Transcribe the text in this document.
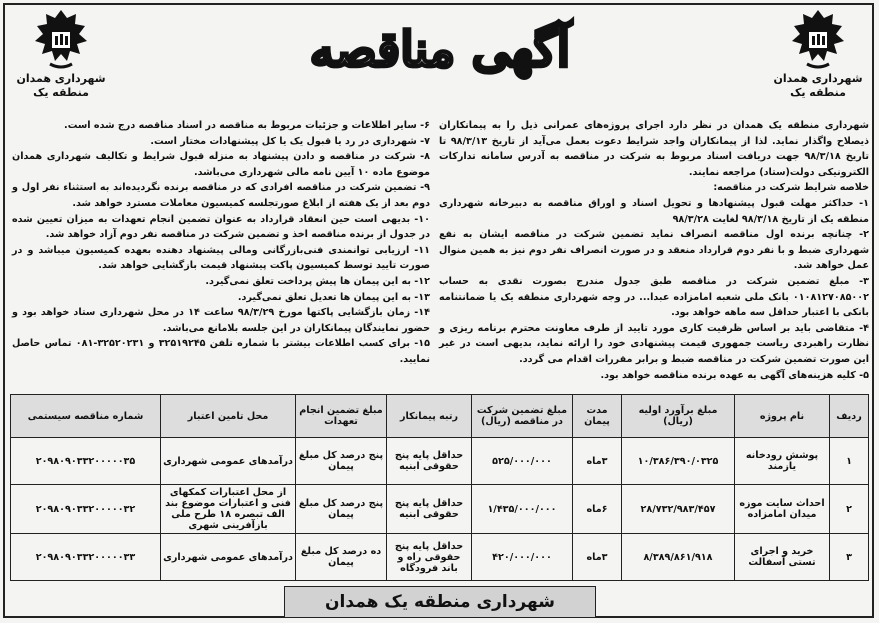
شهرداری همدان
منطقه یک
شهرداری همدان
منطقه یک
آگهی مناقصه

شهرداری منطقه یک همدان در نظر دارد اجرای پروژه‌های عمرانی ذیل را به پیمانکاران ذیصلاح واگذار نماید. لذا از پیمانکاران واجد شرایط دعوت بعمل می‌آید از تاریخ ۹۸/۳/۱۳ تا تاریخ ۹۸/۳/۱۸ جهت دریافت اسناد مربوط به شرکت در مناقصه به آدرس سامانه تدارکات الکترونیکی دولت(ستاد) مراجعه نمایند.

خلاصه شرایط شرکت در مناقصه:

۱- حداکثر مهلت قبول پیشنهادها و تحویل اسناد و اوراق مناقصه به دبیرخانه شهرداری منطقه یک از تاریخ ۹۸/۳/۱۸ لغایت ۹۸/۳/۲۸

۲- چنانچه برنده اول مناقصه انصراف نماید تضمین شرکت در مناقصه ایشان به نفع شهرداری ضبط و با نفر دوم قرارداد منعقد و در صورت انصراف نفر دوم نیز به همین منوال عمل خواهد شد.

۳- مبلغ تضمین شرکت در مناقصه طبق جدول مندرج بصورت نقدی به حساب ۰۱۰۸۱۲۷۰۸۵۰۰۲ بانک ملی شعبه امامزاده عبدا... در وجه شهرداری منطقه یک یا ضمانتنامه بانکی با اعتبار حداقل سه ماهه خواهد بود.

۴- متقاضی باید بر اساس ظرفیت کاری مورد تایید از طرف معاونت محترم برنامه ریزی و نظارت راهبردی ریاست جمهوری قیمت پیشنهادی خود را ارائه نماید، بدیهی است در غیر این صورت تضمین شرکت در مناقصه ضبط و برابر مقررات اقدام می گردد.

۵- کلیه هزینه‌های آگهی به عهده برنده مناقصه خواهد بود.

۶- سایر اطلاعات و جزئیات مربوط به مناقصه در اسناد مناقصه درج شده است.

۷- شهرداری در رد یا قبول یک یا کل پیشنهادات مختار است.

۸- شرکت در مناقصه و دادن پیشنهاد به منزله قبول شرایط و تکالیف شهرداری همدان موضوع ماده ۱۰ آیین نامه مالی شهرداری می‌باشد.

۹- تضمین شرکت در مناقصه افرادی که در مناقصه برنده نگردیده‌اند به استثناء نفر اول و دوم بعد از یک هفته از ابلاغ صورتجلسه کمیسیون معاملات مسترد خواهد شد.

۱۰- بدیهی است حین انعقاد قرارداد به عنوان تضمین انجام تعهدات به میزان تعیین شده در جدول از برنده مناقصه اخذ و تضمین شرکت در مناقصه نفر دوم آزاد خواهد شد.

۱۱- ارزیابی توانمندی فنی‌بازرگانی ومالی پیشنهاد دهنده بعهده کمیسیون میباشد و در صورت تایید توسط کمیسیون پاکت پیشنهاد قیمت بازگشایی خواهد شد.

۱۲- به این پیمان ها پیش پرداخت تعلق نمی‌گیرد.

۱۳- به این پیمان ها تعدیل تعلق نمی‌گیرد.

۱۴- زمان بازگشایی پاکتها مورخ ۹۸/۳/۲۹ ساعت ۱۴ در محل شهرداری ستاد خواهد بود و حضور نمایندگان پیمانکاران در این جلسه بلامانع می‌باشد.

۱۵- برای کسب اطلاعات بیشتر با شماره تلفن ۳۲۵۱۹۲۴۵ و ۳۲۵۲۰۲۳۱-۰۸۱ تماس حاصل نمایید.

ردیف	نام پروژه	مبلغ برآورد اولیه (ریال)	مدت پیمان	مبلغ تضمین شرکت در مناقصه (ریال)	رتبه پیمانکار	مبلغ تضمین انجام تعهدات	محل تامین اعتبار	شماره مناقصه سیستمی
۱	پوشش رودخانه یازمند	۱۰/۳۸۶/۳۹۰/۰۳۲۵	۳ماه	۵۲۵/۰۰۰/۰۰۰	حداقل پایه پنج حقوقی ابنیه	پنج درصد کل مبلغ پیمان	درآمدهای عمومی شهرداری	۲۰۹۸۰۹۰۳۳۲۰۰۰۰۰۳۵
۲	احداث سایت موزه میدان امامزاده	۲۸/۷۳۲/۹۸۳/۴۵۷	۶ماه	۱/۴۳۵/۰۰۰/۰۰۰	حداقل پایه پنج حقوقی ابنیه	پنج درصد کل مبلغ پیمان	از محل اعتبارات کمکهای فنی و اعتبارات موضوع بند الف تبصره ۱۸ طرح ملی بازآفرینی شهری	۲۰۹۸۰۹۰۳۳۲۰۰۰۰۰۳۲
۳	خرید و اجرای تستی آسفالت	۸/۳۸۹/۸۶۱/۹۱۸	۳ماه	۴۲۰/۰۰۰/۰۰۰	حداقل پایه پنج حقوقی راه و باند فرودگاه	ده درصد کل مبلغ پیمان	درآمدهای عمومی شهرداری	۲۰۹۸۰۹۰۳۳۲۰۰۰۰۰۳۳
شهرداری منطقه یک همدان
